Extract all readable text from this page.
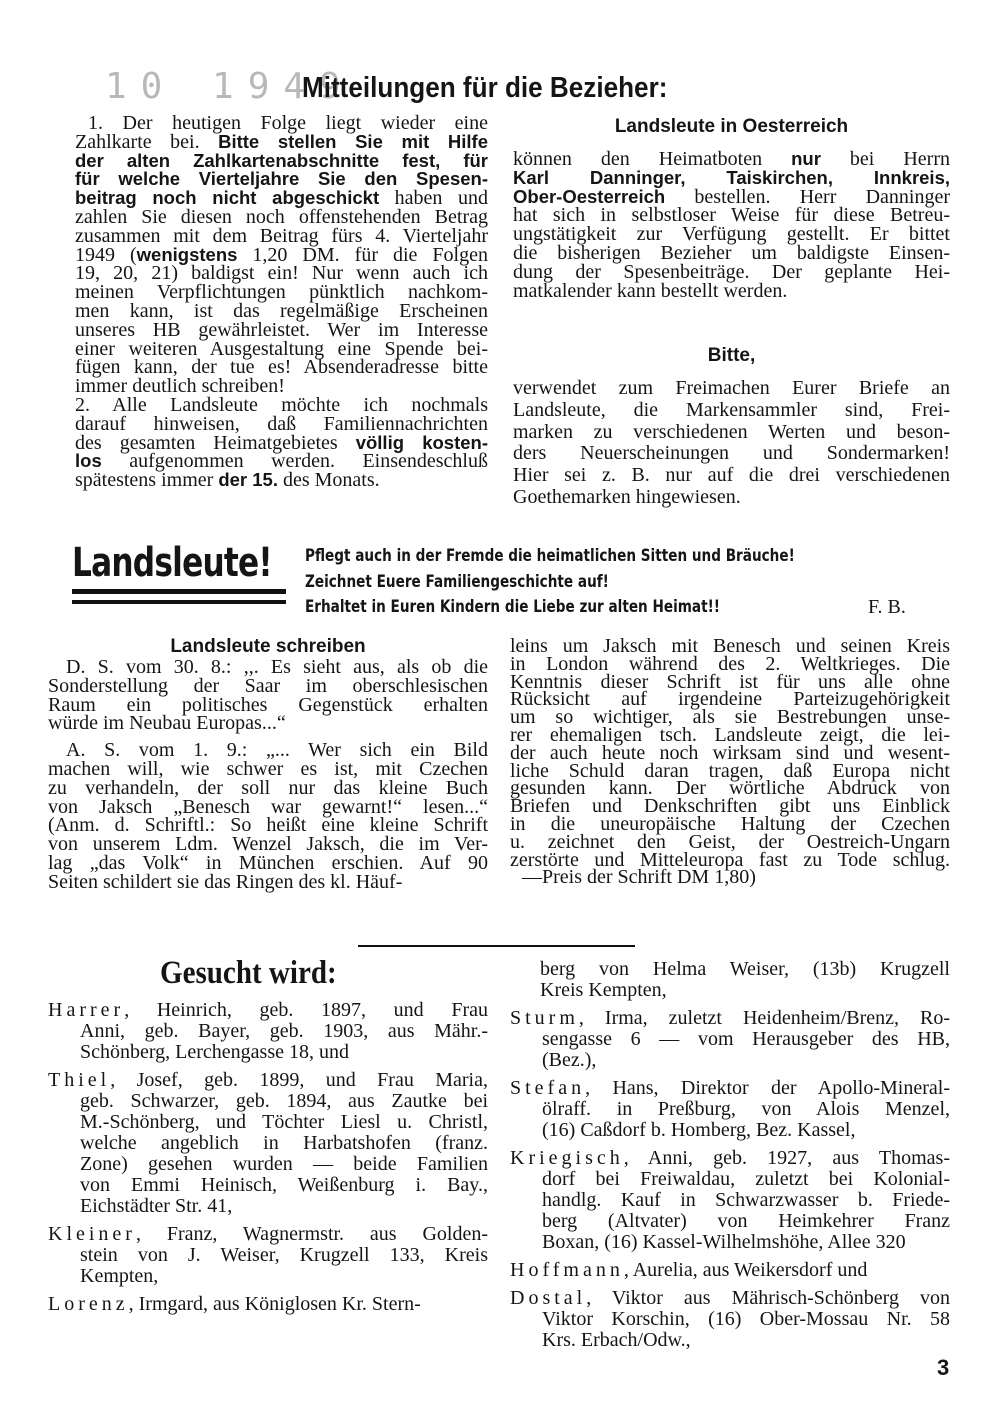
10 1949
Mitteilungen für die Bezieher:
1. Der heutigen Folge liegt wieder eine
Zahlkarte bei. Bitte stellen Sie mit Hilfe
der alten Zahlkartenabschnitte fest, für
für welche Vierteljahre Sie den Spesen-
beitrag noch nicht abgeschickt haben und
zahlen Sie diesen noch offenstehenden Betrag
zusammen mit dem Beitrag fürs 4. Vierteljahr
1949 (wenigstens 1,20 DM. für die Folgen
19, 20, 21) baldigst ein! Nur wenn auch ich
meinen Verpflichtungen pünktlich nachkom-
men kann, ist das regelmäßige Erscheinen
unseres HB gewährleistet. Wer im Interesse
einer weiteren Ausgestaltung eine Spende bei-
fügen kann, der tue es! Absenderadresse bitte
immer deutlich schreiben!
2. Alle Landsleute möchte ich nochmals
darauf hinweisen, daß Familiennachrichten
des gesamten Heimatgebietes völlig kosten-
los aufgenommen werden. Einsendeschluß
spätestens immer der 15. des Monats.
Landsleute in Oesterreich
können den Heimatboten nur bei Herrn
Karl Danninger, Taiskirchen, Innkreis,
Ober-Oesterreich bestellen. Herr Danninger
hat sich in selbstloser Weise für diese Betreu-
ungstätigkeit zur Verfügung gestellt. Er bittet
die bisherigen Bezieher um baldigste Einsen-
dung der Spesenbeiträge. Der geplante Hei-
matkalender kann bestellt werden.
Bitte,
verwendet zum Freimachen Eurer Briefe an
Landsleute, die Markensammler sind, Frei-
marken zu verschiedenen Werten und beson-
ders Neuerscheinungen und Sondermarken!
Hier sei z. B. nur auf die drei verschiedenen
Goethemarken hingewiesen.
Landsleute! Pflegt auch in der Fremde die heimatlichen Sitten und Bräuche!
Zeichnet Euere Familiengeschichte auf!
Erhaltet in Euren Kindern die Liebe zur alten Heimat!!	F. B.
Landsleute schreiben
D. S. vom 30. 8.: ,,. Es sieht aus, als ob die
Sonderstellung der Saar im oberschlesischen
Raum ein politisches Gegenstück erhalten
würde im Neubau Europas...“
A. S. vom 1. 9.: „... Wer sich ein Bild
machen will, wie schwer es ist, mit Czechen
zu verhandeln, der soll nur das kleine Buch
von Jaksch „Benesch war gewarnt!“ lesen...“
(Anm. d. Schriftl.: So heißt eine kleine Schrift
von unserem Ldm. Wenzel Jaksch, die im Ver-
lag „das Volk“ in München erschien. Auf 90
Seiten schildert sie das Ringen des kl. Häuf-
leins um Jaksch mit Benesch und seinen Kreis
in London während des 2. Weltkrieges. Die
Kenntnis dieser Schrift ist für uns alle ohne
Rücksicht auf irgendeine Parteizugehörigkeit
um so wichtiger, als sie Bestrebungen unse-
rer ehemaligen tsch. Landsleute zeigt, die lei-
der auch heute noch wirksam sind und wesent-
liche Schuld daran tragen, daß Europa nicht
gesunden kann. Der wörtliche Abdruck von
Briefen und Denkschriften gibt uns Einblick
in die uneuropäische Haltung der Czechen
u. zeichnet den Geist, der Oestreich-Ungarn
zerstörte und Mitteleuropa fast zu Tode schlug.
—Preis der Schrift DM 1,80)
Gesucht wird:
Harrer, Heinrich, geb. 1897, und Frau
Anni, geb. Bayer, geb. 1903, aus Mähr.-
Schönberg, Lerchengasse 18, und
Thiel, Josef, geb. 1899, und Frau Maria,
geb. Schwarzer, geb. 1894, aus Zautke bei
M.-Schönberg, und Töchter Liesl u. Christl,
welche angeblich in Harbatshofen (franz.
Zone) gesehen wurden — beide Familien
von Emmi Heinisch, Weißenburg i. Bay.,
Eichstädter Str. 41,
Kleiner, Franz, Wagnermstr. aus Golden-
stein von J. Weiser, Krugzell 133, Kreis
Kempten,
Lorenz, Irmgard, aus Königlosen Kr. Stern-
berg von Helma Weiser, (13b) Krugzell
Kreis Kempten,
Sturm, Irma, zuletzt Heidenheim/Brenz, Ro-
sengasse 6 — vom Herausgeber des HB,
(Bez.),
Stefan, Hans, Direktor der Apollo-Mineral-
ölraff. in Preßburg, von Alois Menzel,
(16) Caßdorf b. Homberg, Bez. Kassel,
Kriegisch, Anni, geb. 1927, aus Thomas-
dorf bei Freiwaldau, zuletzt bei Kolonial-
handlg. Kauf in Schwarzwasser b. Friede-
berg (Altvater) von Heimkehrer Franz
Boxan, (16) Kassel-Wilhelmshöhe, Allee 320
Hoffmann, Aurelia, aus Weikersdorf und
Dostal, Viktor aus Mährisch-Schönberg von
Viktor Korschin, (16) Ober-Mossau Nr. 58
Krs. Erbach/Odw.,
3
